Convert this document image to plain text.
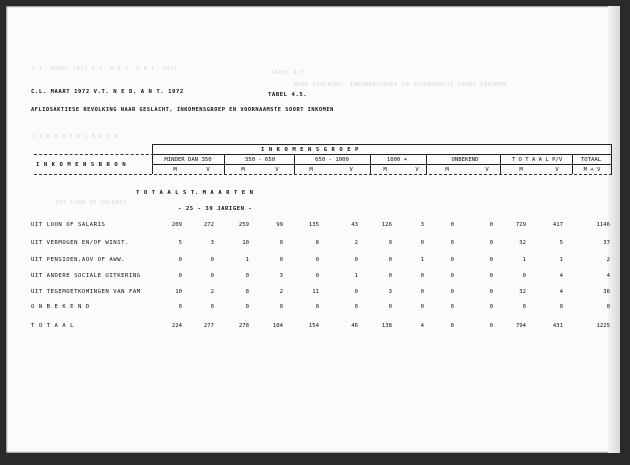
C.L. MAART 1972 V.T. N E D. A N T. 1972
TABEL 4.5.
NAAR GESLACHT, INKOMENSGROEP EN VOORNAAMSTE SOORT INKOMEN
I N K O M E N S B R O N
UIT LOON OF SALARIS
C.L. MAART 1972 V.T. N E D. A N T. 1972	TABEL 4.5.
AFLIDSAKTIESE REVOLKING NAAR GESLACHT, INKOMENSGROEP EN VOORNAAMSTE SOORT INKOMEN
I N K O M E N S G R O E P
I N K O M E N S B R O N
MINDER DAN 350	350 - 650	650 - 1000	1000 +	ONBEKEND	T O T A A L P/V	TOTAAL
M	V	M	V	M	V	M	V	M	V	M	V	M + V
T O T A A L S T. M A A R T E N
- 25 - 39 JARIGEN -
UIT LOON OF SALARIS	209	272	259	99	135	43	126	3	0	0	729	417	1146
UIT VERMOGEN EN/OF WINST.	5	3	10	0	8	2	9	0	0	0	32	5	37
UIT PENSIOEN,AOV OF AWW.	0	0	1	0	0	0	0	1	0	0	1	1	2
UIT ANDERE SOCIALE UITKERING	0	0	0	3	0	1	0	0	0	0	0	4	4
UIT TEGEMOETKOMINGEN VAN FAM	10	2	8	2	11	0	3	0	0	0	32	4	36
O N B E K E N D	0	0	0	0	0	0	0	0	0	0	0	0	0
T O T A A L	224	277	278	104	154	46	138	4	0	0	794	431	1225
